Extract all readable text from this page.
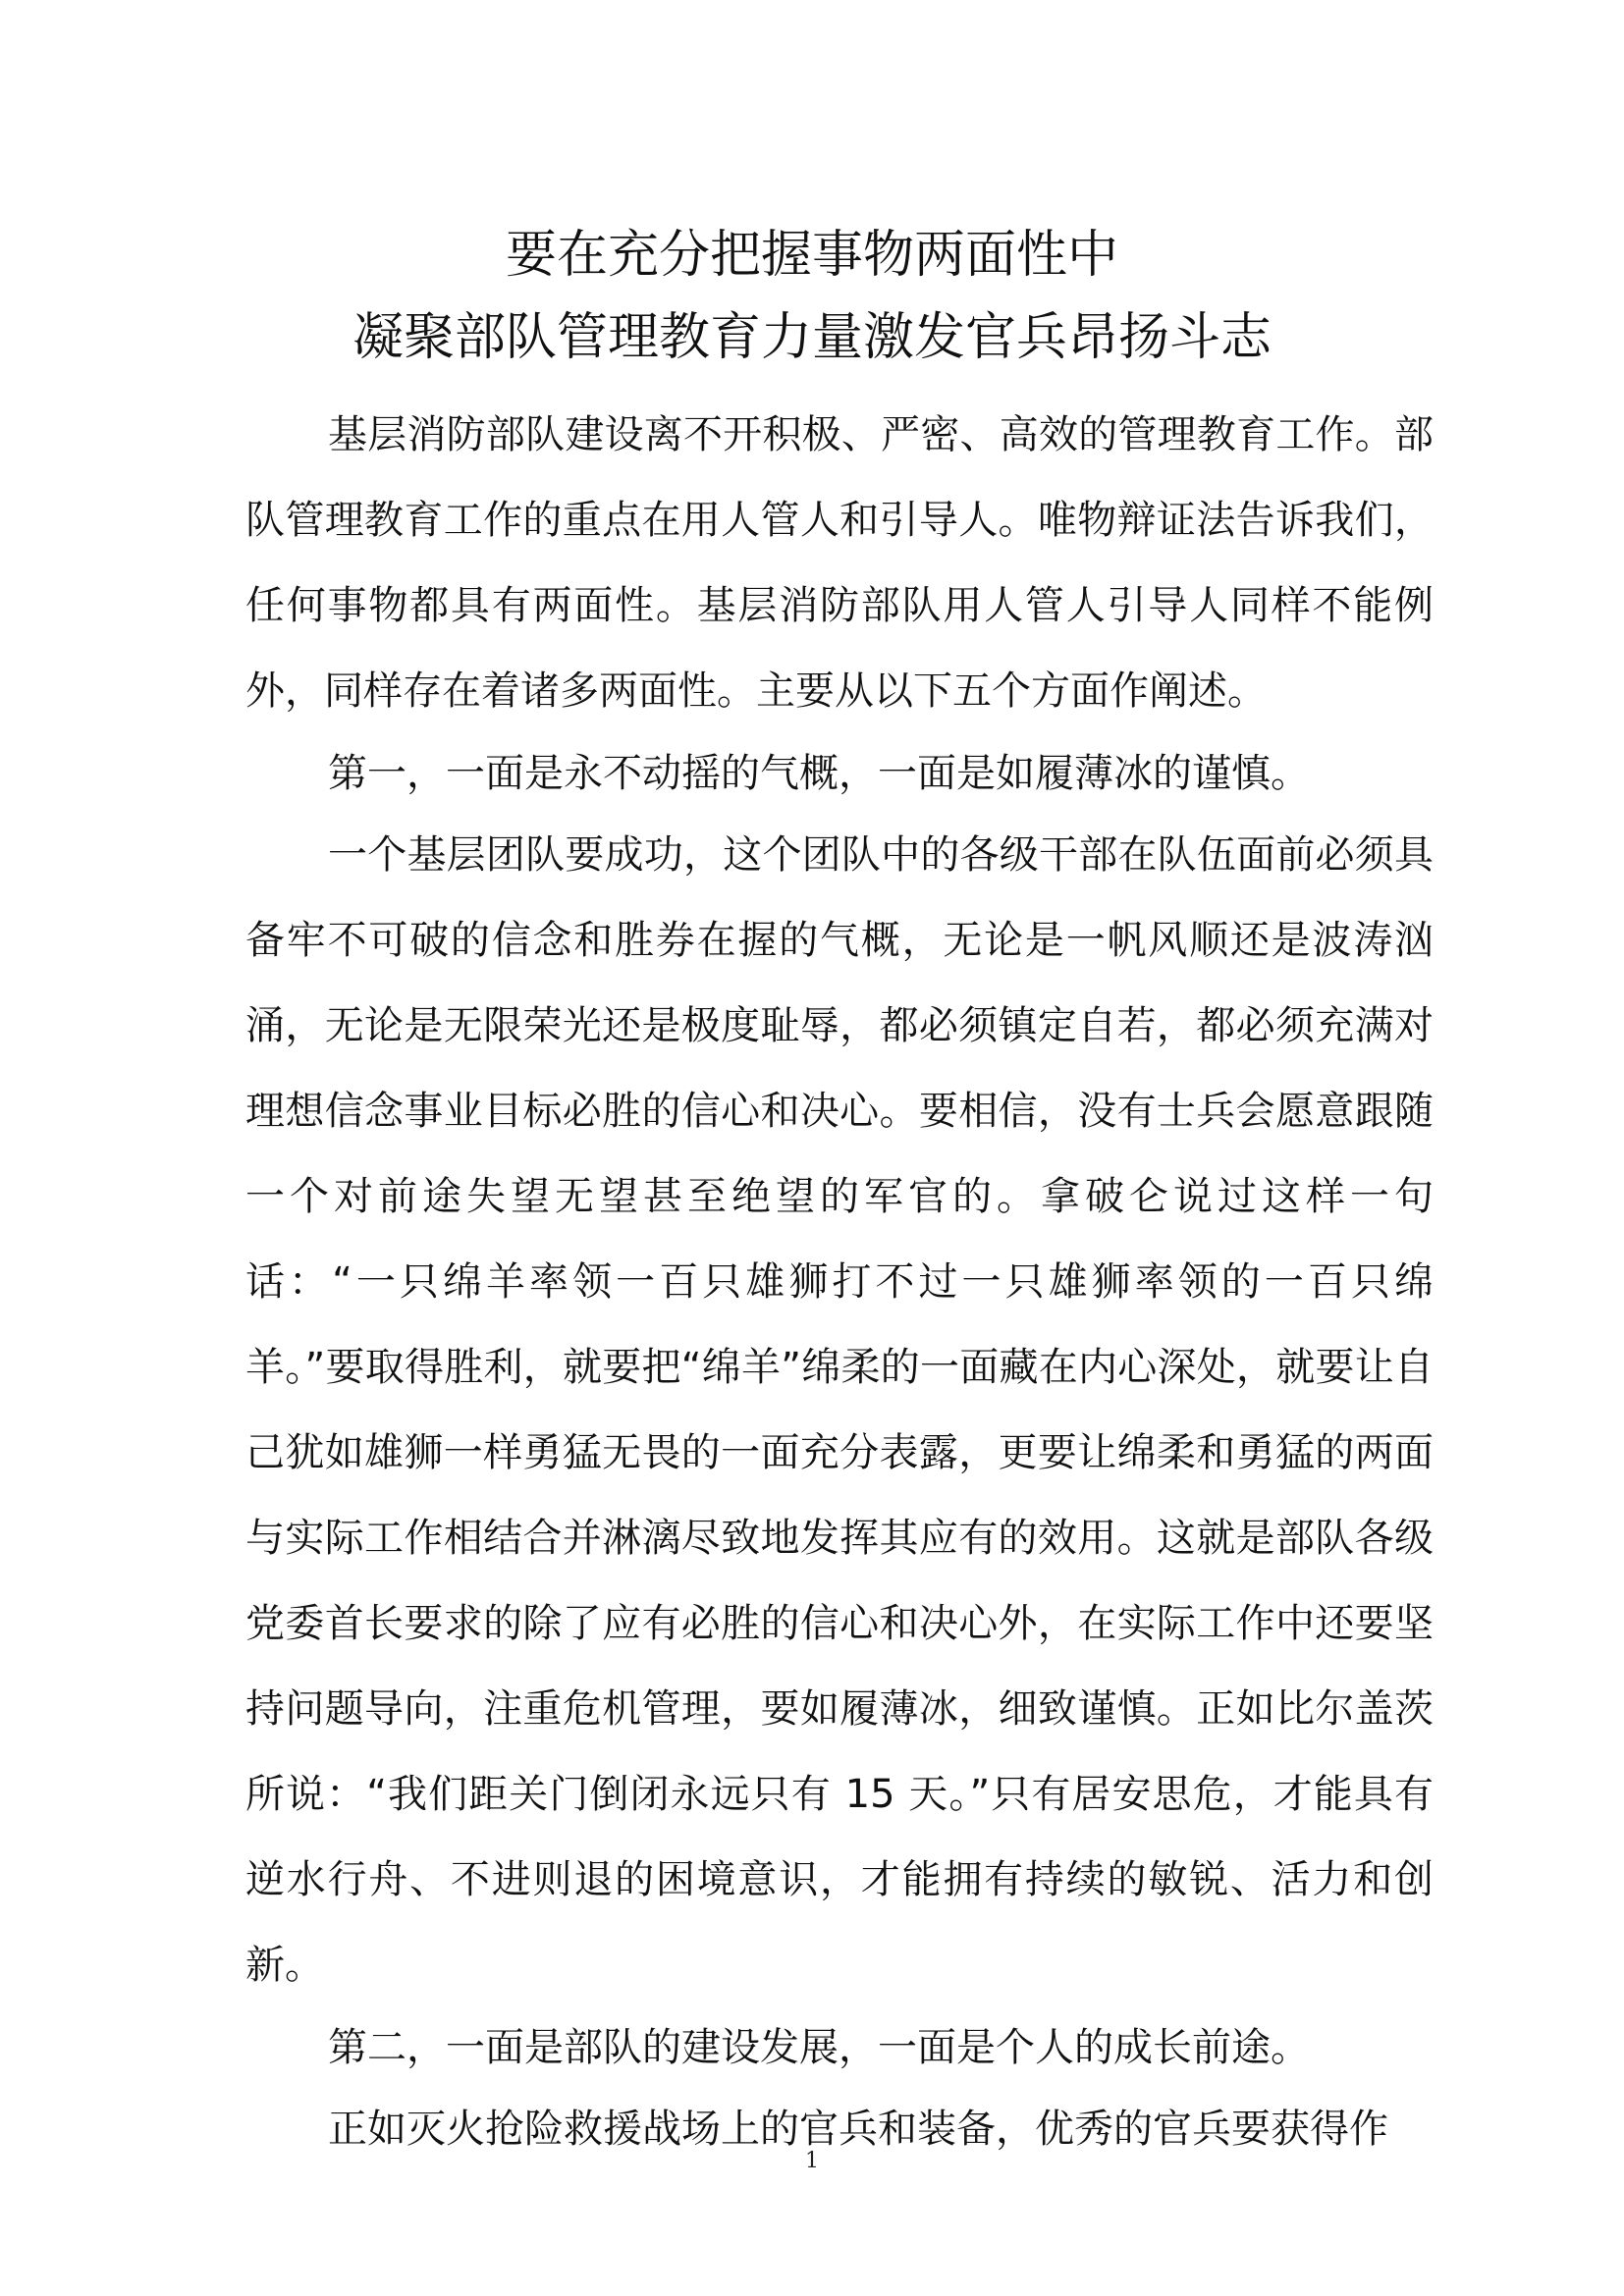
要在充分把握事物两面性中
凝聚部队管理教育力量激发官兵昂扬斗志

基层消防部队建设离不开积极、严密、高效的管理教育工作。部队管理教育工作的重点在用人管人和引导人。唯物辩证法告诉我们，任何事物都具有两面性。基层消防部队用人管人引导人同样不能例外，同样存在着诸多两面性。主要从以下五个方面作阐述。

第一，一面是永不动摇的气概，一面是如履薄冰的谨慎。

一个基层团队要成功，这个团队中的各级干部在队伍面前必须具备牢不可破的信念和胜券在握的气概，无论是一帆风顺还是波涛汹涌，无论是无限荣光还是极度耻辱，都必须镇定自若，都必须充满对理想信念事业目标必胜的信心和决心。要相信，没有士兵会愿意跟随一个对前途失望无望甚至绝望的军官的。拿破仑说过这样一句话：“一只绵羊率领一百只雄狮打不过一只雄狮率领的一百只绵羊。”要取得胜利，就要把“绵羊”绵柔的一面藏在内心深处，就要让自己犹如雄狮一样勇猛无畏的一面充分表露，更要让绵柔和勇猛的两面与实际工作相结合并淋漓尽致地发挥其应有的效用。这就是部队各级党委首长要求的除了应有必胜的信心和决心外，在实际工作中还要坚持问题导向，注重危机管理，要如履薄冰，细致谨慎。正如比尔盖茨所说：“我们距关门倒闭永远只有 15 天。”只有居安思危，才能具有逆水行舟、不进则退的困境意识，才能拥有持续的敏锐、活力和创新。

第二，一面是部队的建设发展，一面是个人的成长前途。

正如灭火抢险救援战场上的官兵和装备，优秀的官兵要获得作

1
